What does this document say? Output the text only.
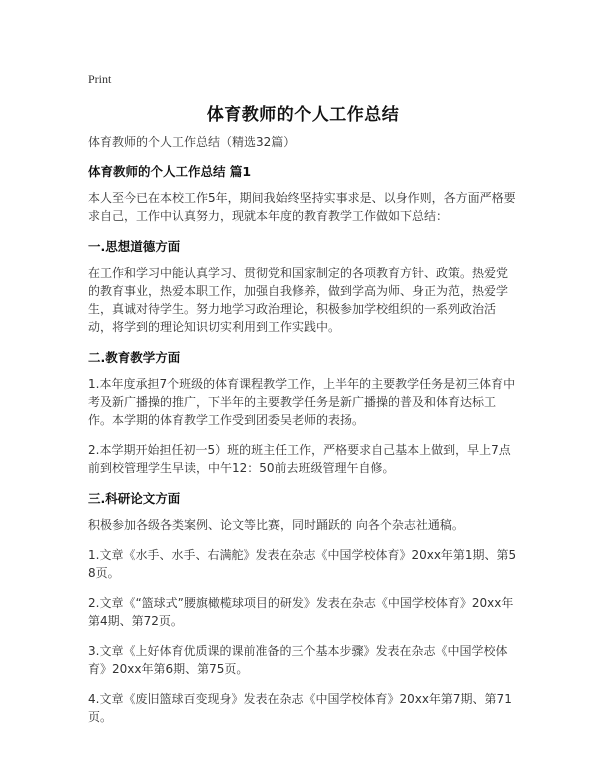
Print
体育教师的个人工作总结
体育教师的个人工作总结（精选32篇）
体育教师的个人工作总结 篇1

本人至今已在本校工作5年，期间我始终坚持实事求是、以身作则，各方面严格要求自己，工作中认真努力，现就本年度的教育教学工作做如下总结：

一.思想道德方面

在工作和学习中能认真学习、贯彻党和国家制定的各项教育方针、政策。热爱党的教育事业，热爱本职工作，加强自我修养，做到学高为师、身正为范，热爱学生，真诚对待学生。努力地学习政治理论，积极参加学校组织的一系列政治活动，将学到的理论知识切实利用到工作实践中。

二.教育教学方面

1.本年度承担7个班级的体育课程教学工作，上半年的主要教学任务是初三体育中考及新广播操的推广，下半年的主要教学任务是新广播操的普及和体育达标工作。本学期的体育教学工作受到团委吴老师的表扬。

2.本学期开始担任初一5）班的班主任工作，严格要求自己基本上做到，早上7点前到校管理学生早读，中午12：50前去班级管理午自修。

三.科研论文方面

积极参加各级各类案例、论文等比赛，同时踊跃的 向各个杂志社通稿。

1.文章《水手、水手、右满舵》发表在杂志《中国学校体育》20xx年第1期、第58页。

2.文章《“篮球式”腰旗橄榄球项目的研发》发表在杂志《中国学校体育》20xx年第4期、第72页。

3.文章《上好体育优质课的课前准备的三个基本步骤》发表在杂志《中国学校体育》20xx年第6期、第75页。

4.文章《废旧篮球百变现身》发表在杂志《中国学校体育》20xx年第7期、第71页。
